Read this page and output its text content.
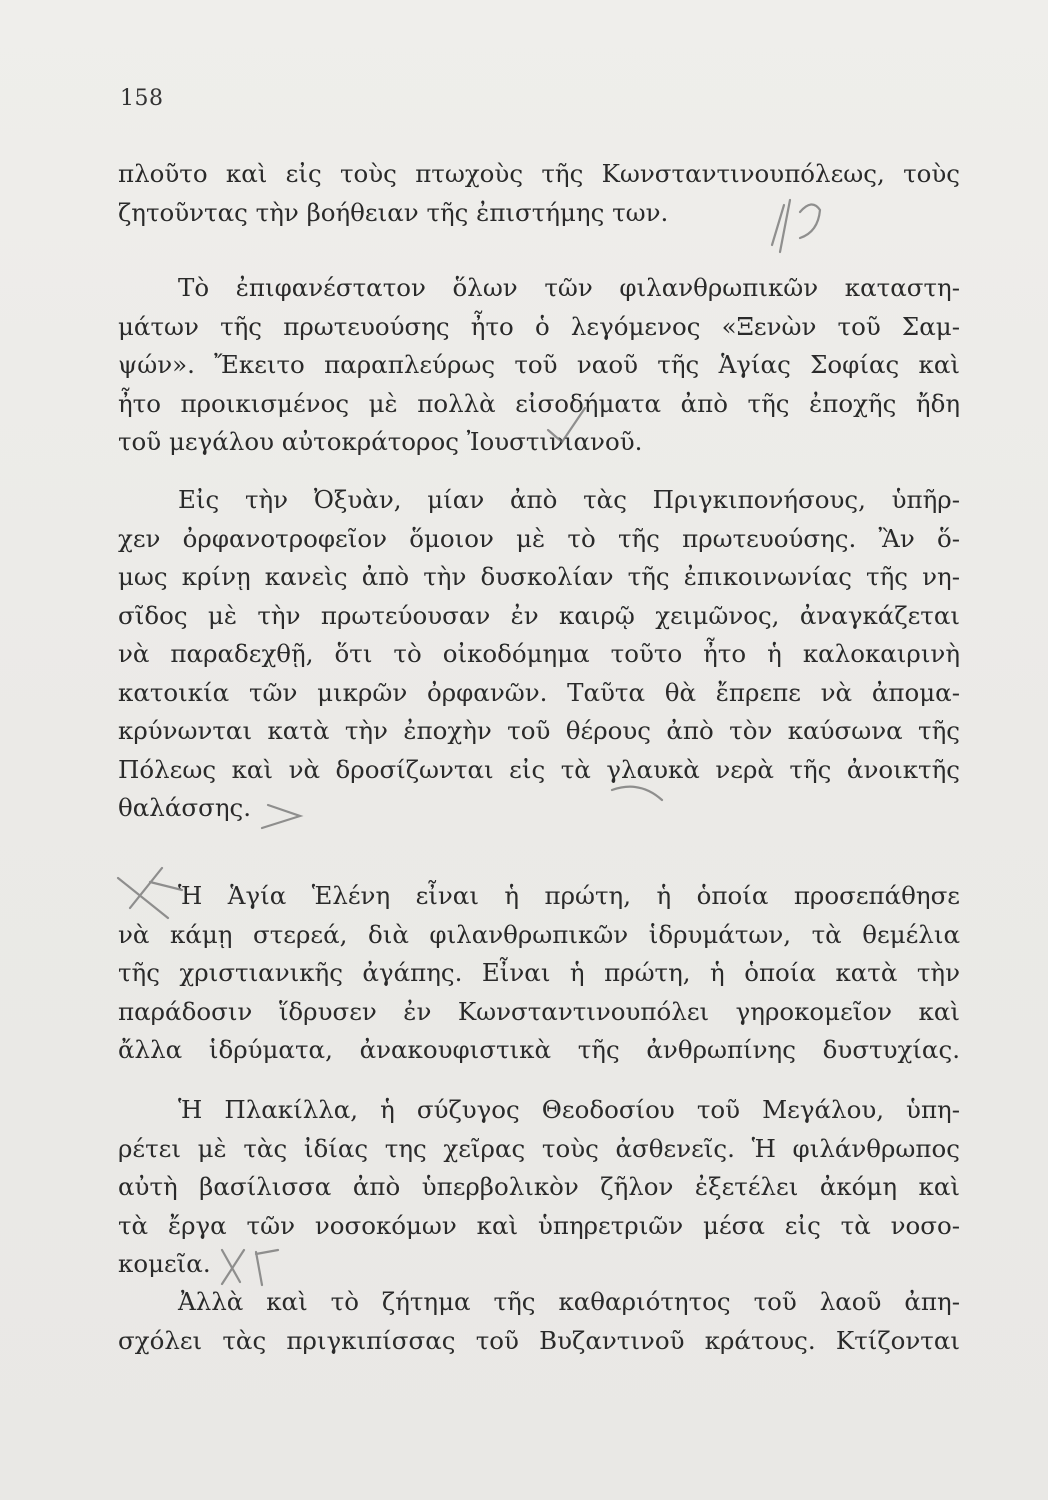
158
πλοῦτο καὶ εἰς τοὺς πτωχοὺς τῆς Κωνσταντινουπόλεως, τοὺς
ζητοῦντας τὴν βοήθειαν τῆς ἐπιστήμης των.
Τὸ ἐπιφανέστατον ὅλων τῶν φιλανθρωπικῶν καταστη-
μάτων τῆς πρωτευούσης ἦτο ὁ λεγόμενος «Ξενὼν τοῦ Σαμ-
ψών». Ἔκειτο παραπλεύρως τοῦ ναοῦ τῆς Ἁγίας Σοφίας καὶ
ἦτο προικισμένος μὲ πολλὰ εἰσοδήματα ἀπὸ τῆς ἐποχῆς ἤδη
τοῦ μεγάλου αὐτοκράτορος Ἰουστινιανοῦ.
Εἰς τὴν Ὀξυὰν, μίαν ἀπὸ τὰς Πριγκιπονήσους, ὑπῆρ-
χεν ὀρφανοτροφεῖον ὅμοιον μὲ τὸ τῆς πρωτευούσης. Ἂν ὅ-
μως κρίνῃ κανεὶς ἀπὸ τὴν δυσκολίαν τῆς ἐπικοινωνίας τῆς νη-
σῖδος μὲ τὴν πρωτεύουσαν ἐν καιρῷ χειμῶνος, ἀναγκάζεται
νὰ παραδεχθῇ, ὅτι τὸ οἰκοδόμημα τοῦτο ἦτο ἡ καλοκαιρινὴ
κατοικία τῶν μικρῶν ὀρφανῶν. Ταῦτα θὰ ἔπρεπε νὰ ἀπομα-
κρύνωνται κατὰ τὴν ἐποχὴν τοῦ θέρους ἀπὸ τὸν καύσωνα τῆς
Πόλεως καὶ νὰ δροσίζωνται εἰς τὰ γλαυκὰ νερὰ τῆς ἀνοικτῆς
θαλάσσης.
Ἡ Ἁγία Ἑλένη εἶναι ἡ πρώτη, ἡ ὁποία προσεπάθησε
νὰ κάμῃ στερεά, διὰ φιλανθρωπικῶν ἱδρυμάτων, τὰ θεμέλια
τῆς χριστιανικῆς ἀγάπης. Εἶναι ἡ πρώτη, ἡ ὁποία κατὰ τὴν
παράδοσιν ἵδρυσεν ἐν Κωνσταντινουπόλει γηροκομεῖον καὶ
ἄλλα ἱδρύματα, ἀνακουφιστικὰ τῆς ἀνθρωπίνης δυστυχίας.
Ἡ Πλακίλλα, ἡ σύζυγος Θεοδοσίου τοῦ Μεγάλου, ὑπη-
ρέτει μὲ τὰς ἰδίας της χεῖρας τοὺς ἀσθενεῖς. Ἡ φιλάνθρωπος
αὐτὴ βασίλισσα ἀπὸ ὑπερβολικὸν ζῆλον ἐξετέλει ἀκόμη καὶ
τὰ ἔργα τῶν νοσοκόμων καὶ ὑπηρετριῶν μέσα εἰς τὰ νοσο-
κομεῖα.
Ἀλλὰ καὶ τὸ ζήτημα τῆς καθαριότητος τοῦ λαοῦ ἀπη-
σχόλει τὰς πριγκιπίσσας τοῦ Βυζαντινοῦ κράτους. Κτίζονται
